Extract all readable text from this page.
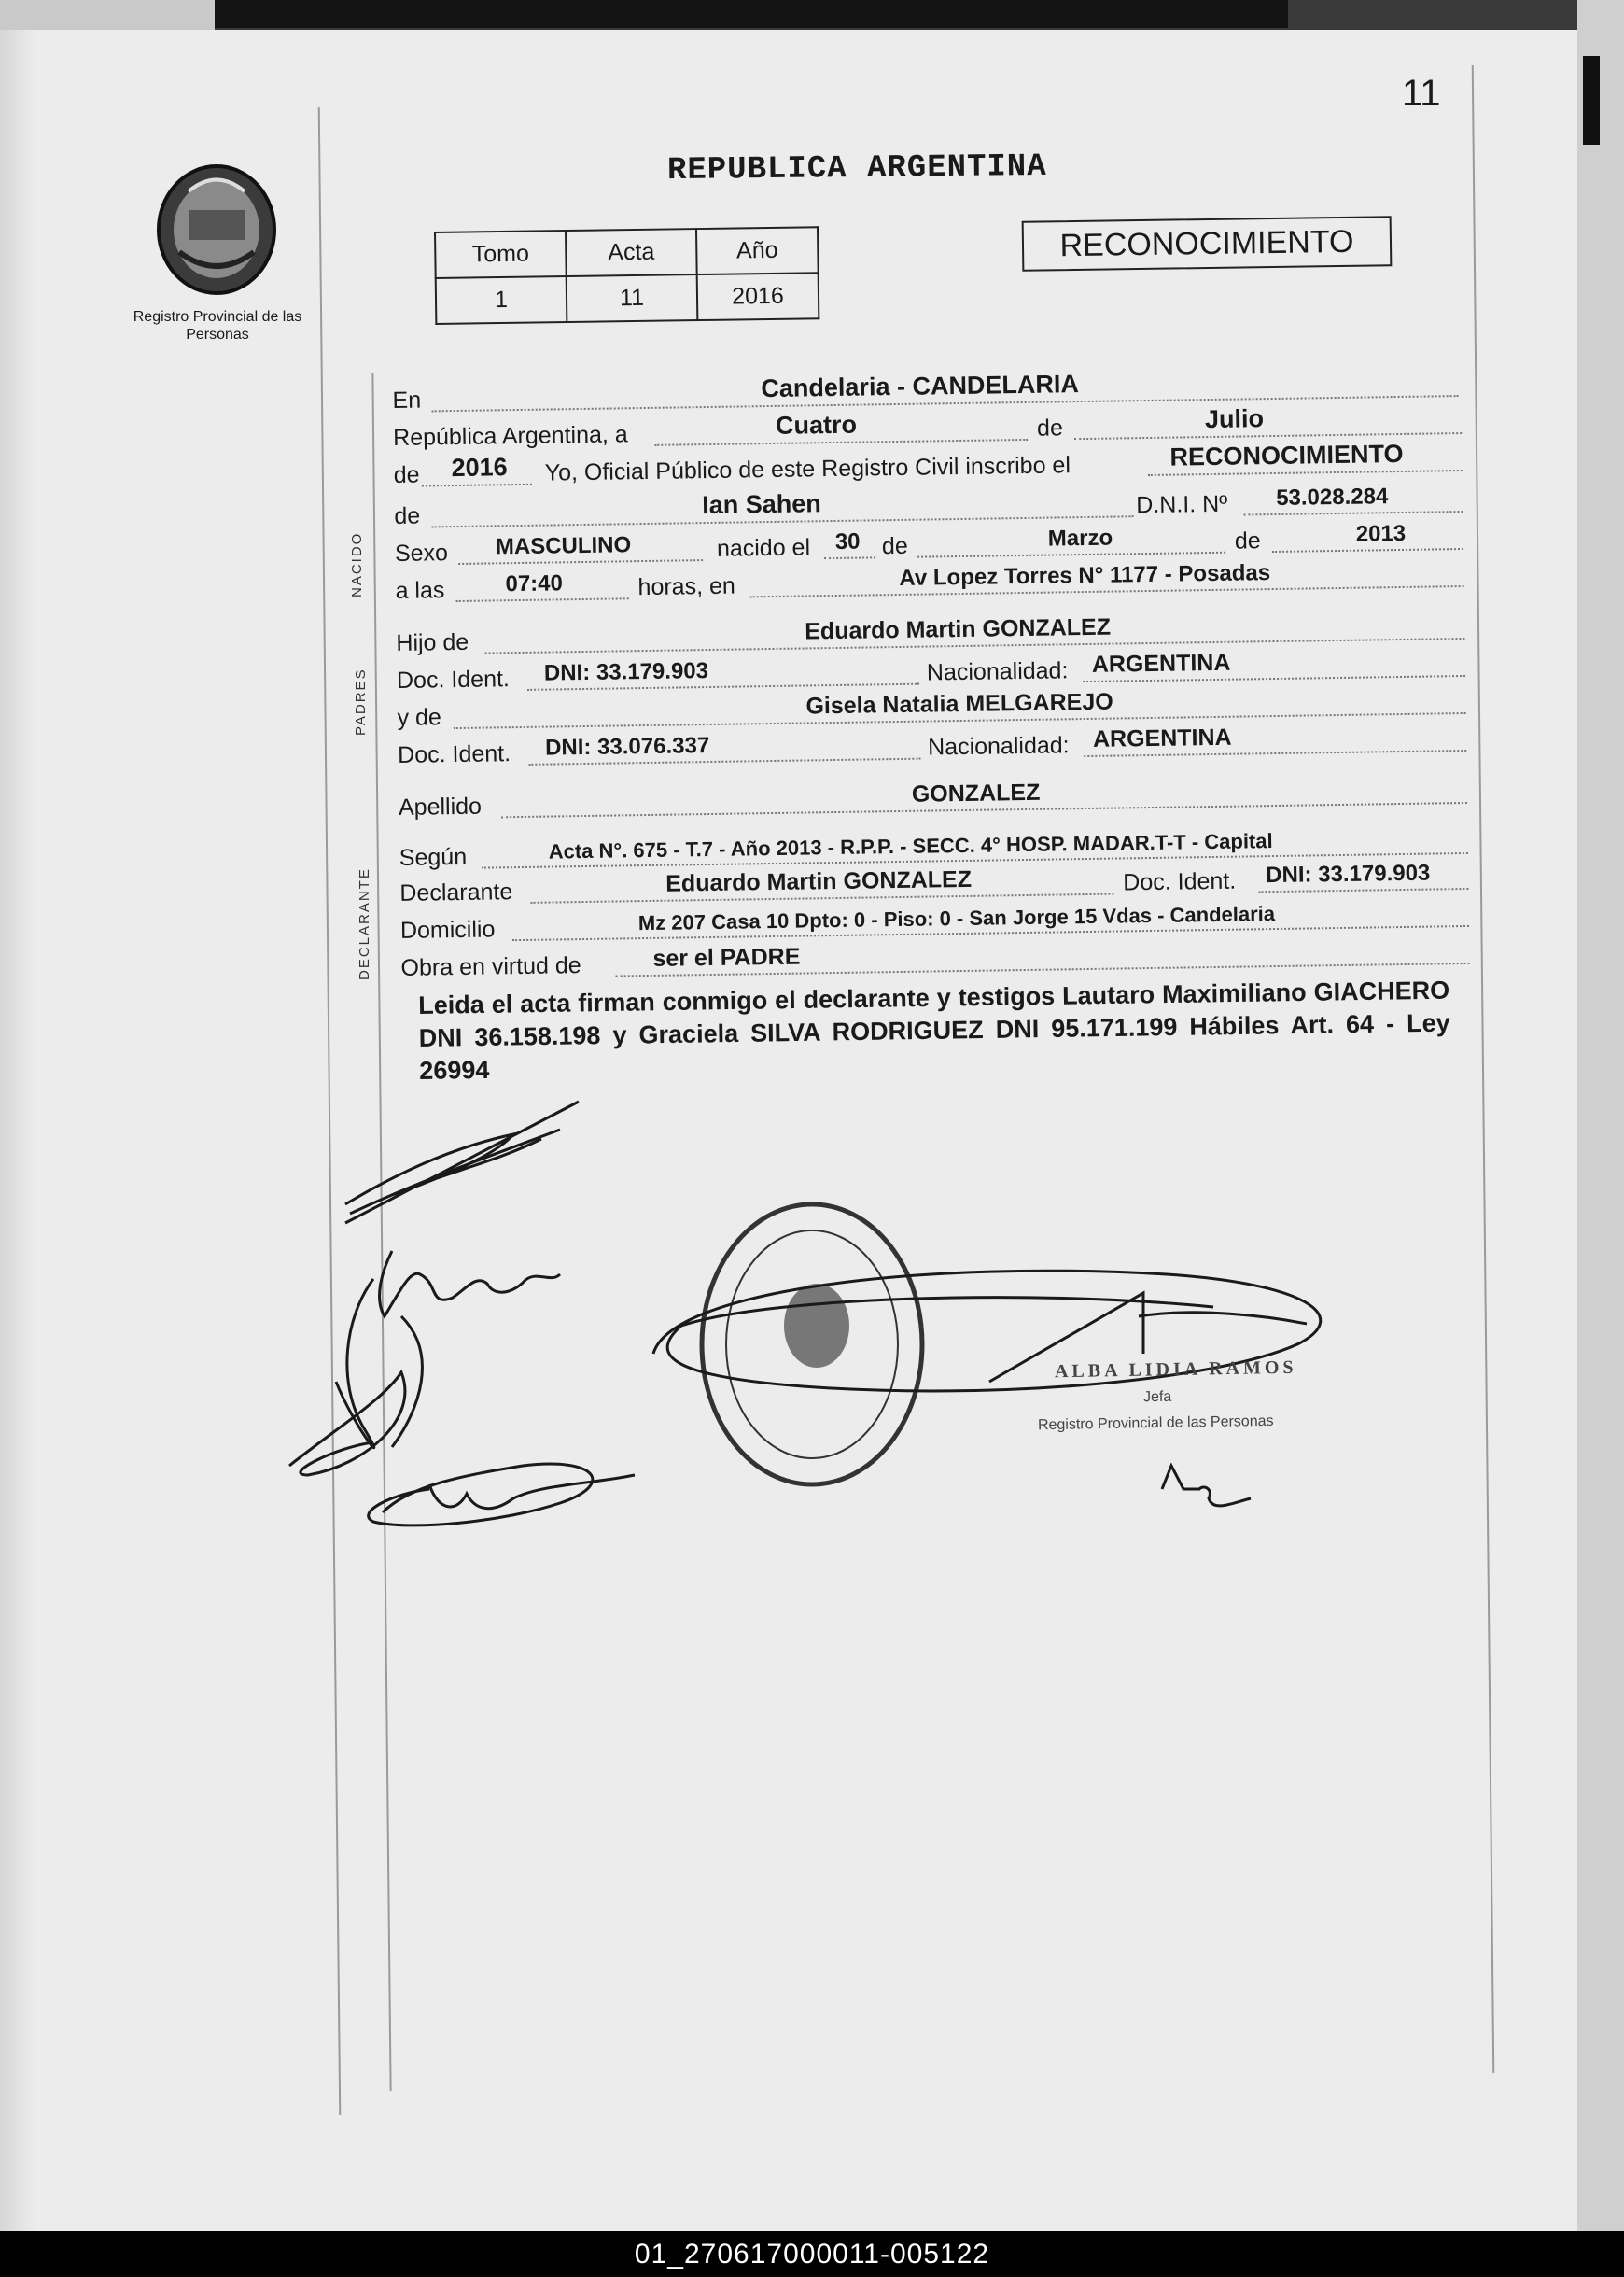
11
Registro Provincial de las Personas
REPUBLICA ARGENTINA
Tomo	Acta	Año
1	11	2016
RECONOCIMIENTO
NACIDO
PADRES
DECLARANTE
En	Candelaria - CANDELARIA
República Argentina, a	Cuatro	de	Julio
de 2016 Yo, Oficial Público de este Registro Civil inscribo el	RECONOCIMIENTO
de	Ian Sahen	D.N.I. Nº 53.028.284
Sexo MASCULINO	nacido el 30 de	Marzo	de	2013
a las	07:40	horas, en	Av Lopez Torres N° 1177 - Posadas
Hijo de	Eduardo Martin GONZALEZ
Doc. Ident. DNI: 33.179.903	Nacionalidad: ARGENTINA
y de	Gisela Natalia MELGAREJO
Doc. Ident. DNI: 33.076.337	Nacionalidad: ARGENTINA
Apellido	GONZALEZ
Según	Acta N°. 675 - T.7 - Año 2013 - R.P.P. - SECC. 4° HOSP. MADAR.T-T - Capital
Declarante	Eduardo Martin GONZALEZ	Doc. Ident. DNI: 33.179.903
Domicilio	Mz 207 Casa 10 Dpto: 0 - Piso: 0 - San Jorge 15 Vdas - Candelaria
Obra en virtud de	ser el PADRE
Leida el acta firman conmigo el declarante y testigos Lautaro Maximiliano GIACHERO DNI 36.158.198 y Graciela SILVA RODRIGUEZ DNI 95.171.199 Hábiles Art. 64 - Ley 26994
ALBA LIDIA RAMOS
Jefa
Registro Provincial de las Personas
01_270617000011-005122
